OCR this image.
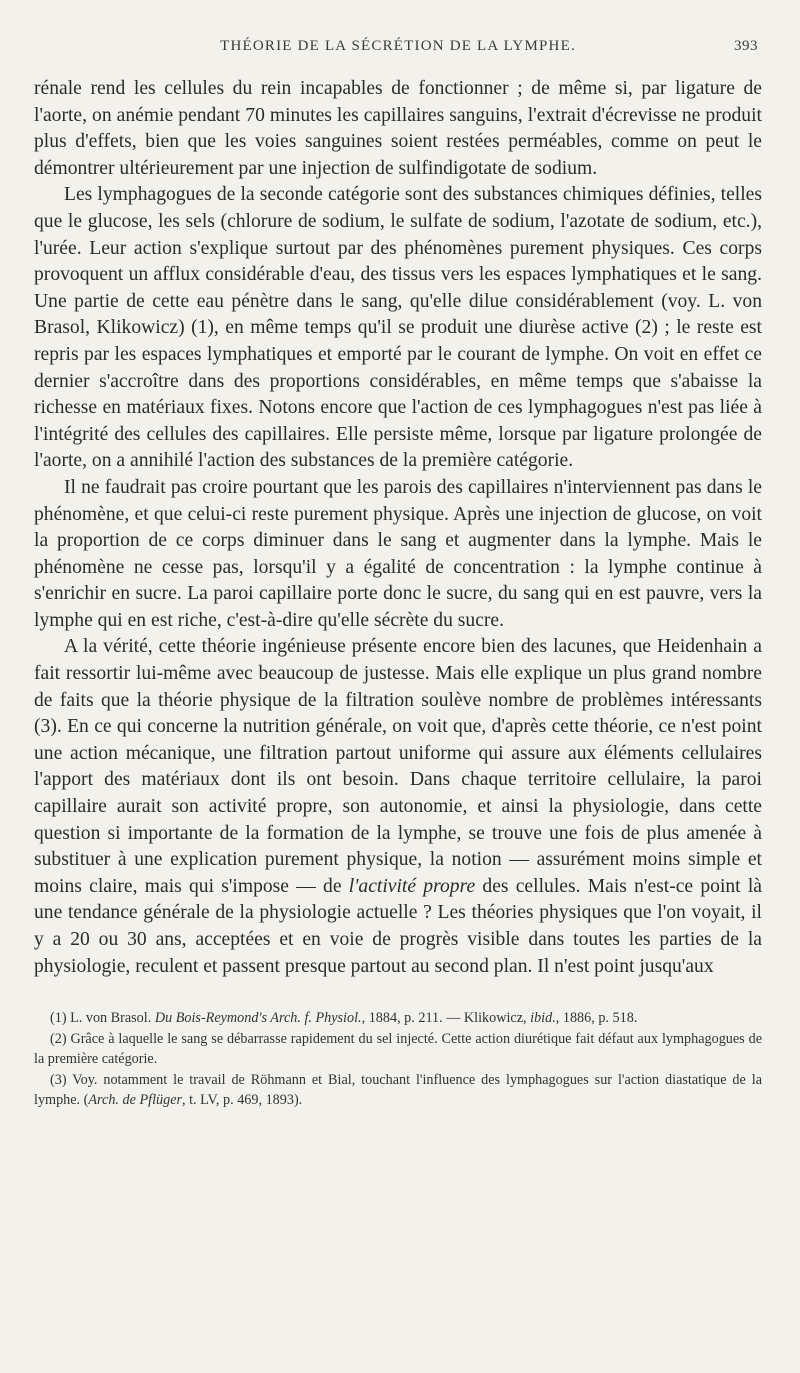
THÉORIE DE LA SÉCRÉTION DE LA LYMPHE.	393

rénale rend les cellules du rein incapables de fonctionner ; de même si, par ligature de l'aorte, on anémie pendant 70 minutes les capillaires sanguins, l'extrait d'écrevisse ne produit plus d'effets, bien que les voies sanguines soient restées perméables, comme on peut le démontrer ultérieurement par une injection de sulfindigotate de sodium.

Les lymphagogues de la seconde catégorie sont des substances chimiques définies, telles que le glucose, les sels (chlorure de sodium, le sulfate de sodium, l'azotate de sodium, etc.), l'urée. Leur action s'explique surtout par des phénomènes purement physiques. Ces corps provoquent un afflux considérable d'eau, des tissus vers les espaces lymphatiques et le sang. Une partie de cette eau pénètre dans le sang, qu'elle dilue considérablement (voy. L. von Brasol, Klikowicz) (1), en même temps qu'il se produit une diurèse active (2) ; le reste est repris par les espaces lymphatiques et emporté par le courant de lymphe. On voit en effet ce dernier s'accroître dans des proportions considérables, en même temps que s'abaisse la richesse en matériaux fixes. Notons encore que l'action de ces lymphagogues n'est pas liée à l'intégrité des cellules des capillaires. Elle persiste même, lorsque par ligature prolongée de l'aorte, on a annihilé l'action des substances de la première catégorie.

Il ne faudrait pas croire pourtant que les parois des capillaires n'interviennent pas dans le phénomène, et que celui-ci reste purement physique. Après une injection de glucose, on voit la proportion de ce corps diminuer dans le sang et augmenter dans la lymphe. Mais le phénomène ne cesse pas, lorsqu'il y a égalité de concentration : la lymphe continue à s'enrichir en sucre. La paroi capillaire porte donc le sucre, du sang qui en est pauvre, vers la lymphe qui en est riche, c'est-à-dire qu'elle sécrète du sucre.

A la vérité, cette théorie ingénieuse présente encore bien des lacunes, que Heidenhain a fait ressortir lui-même avec beaucoup de justesse. Mais elle explique un plus grand nombre de faits que la théorie physique de la filtration soulève nombre de problèmes intéressants (3). En ce qui concerne la nutrition générale, on voit que, d'après cette théorie, ce n'est point une action mécanique, une filtration partout uniforme qui assure aux éléments cellulaires l'apport des matériaux dont ils ont besoin. Dans chaque territoire cellulaire, la paroi capillaire aurait son activité propre, son autonomie, et ainsi la physiologie, dans cette question si importante de la formation de la lymphe, se trouve une fois de plus amenée à substituer à une explication purement physique, la notion — assurément moins simple et moins claire, mais qui s'impose — de l'activité propre des cellules. Mais n'est-ce point là une tendance générale de la physiologie actuelle ? Les théories physiques que l'on voyait, il y a 20 ou 30 ans, acceptées et en voie de progrès visible dans toutes les parties de la physiologie, reculent et passent presque partout au second plan. Il n'est point jusqu'aux

(1) L. von Brasol. Du Bois-Reymond's Arch. f. Physiol., 1884, p. 211. — Klikowicz, ibid., 1886, p. 518.

(2) Grâce à laquelle le sang se débarrasse rapidement du sel injecté. Cette action diurétique fait défaut aux lymphagogues de la première catégorie.

(3) Voy. notamment le travail de Röhmann et Bial, touchant l'influence des lymphagogues sur l'action diastatique de la lymphe. (Arch. de Pflüger, t. LV, p. 469, 1893).
